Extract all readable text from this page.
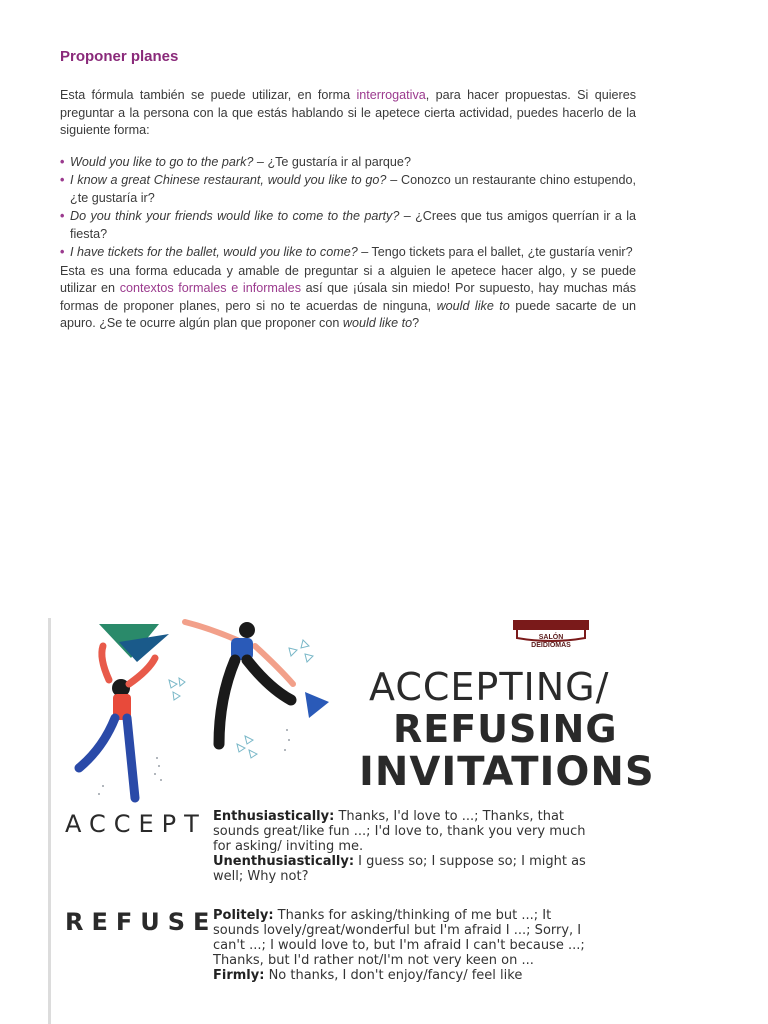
Proponer planes

Esta fórmula también se puede utilizar, en forma interrogativa, para hacer propuestas. Si quieres preguntar a la persona con la que estás hablando si le apetece cierta actividad, puedes hacerlo de la siguiente forma:

• Would you like to go to the park? – ¿Te gustaría ir al parque?
• I know a great Chinese restaurant, would you like to go? – Conozco un restaurante chino estupendo, ¿te gustaría ir?
• Do you think your friends would like to come to the party? – ¿Crees que tus amigos querrían ir a la fiesta?
• I have tickets for the ballet, would you like to come? – Tengo tickets para el ballet, ¿te gustaría venir?

Esta es una forma educada y amable de preguntar si a alguien le apetece hacer algo, y se puede utilizar en contextos formales e informales así que ¡úsala sin miedo! Por supuesto, hay muchas más formas de proponer planes, pero si no te acuerdas de ninguna, would like to puede sacarte de un apuro. ¿Se te ocurre algún plan que proponer con would like to?

SALÓN
DEIDIOMAS
ACCEPTING/
REFUSING
INVITATIONS
ACCEPT Enthusiastically: Thanks, I'd love to ...; Thanks, that sounds great/like fun ...; I'd love to, thank you very much for asking/ inviting me.

Unenthusiastically: I guess so; I suppose so; I might as well; Why not?

REFUSE

Politely: Thanks for asking/thinking of me but ...; It sounds lovely/great/wonderful but I'm afraid I ...; Sorry, I can't ...; I would love to, but I'm afraid I can't because ...; Thanks, but I'd rather not/I'm not very keen on ...

Firmly: No thanks, I don't enjoy/fancy/ feel like
